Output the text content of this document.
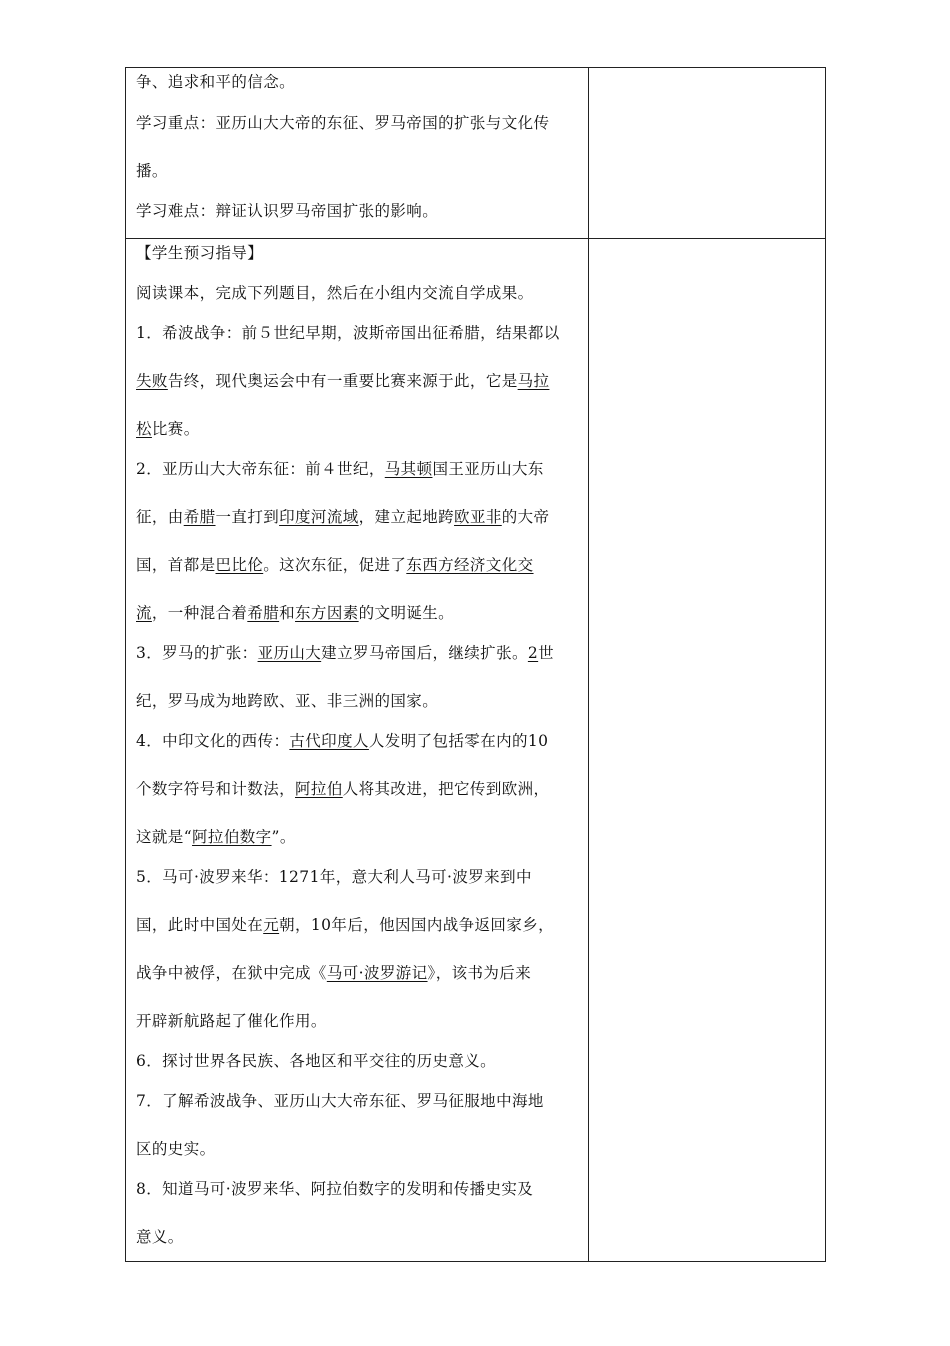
争、追求和平的信念。
学习重点：亚历山大大帝的东征、罗马帝国的扩张与文化传
播。
学习难点：辩证认识罗马帝国扩张的影响。
【学生预习指导】
阅读课本，完成下列题目，然后在小组内交流自学成果。
1．希波战争：前５世纪早期，波斯帝国出征希腊，结果都以
失败告终，现代奥运会中有一重要比赛来源于此，它是马拉
松比赛。
2．亚历山大大帝东征：前４世纪，马其顿国王亚历山大东
征，由希腊一直打到印度河流域，建立起地跨欧亚非的大帝
国，首都是巴比伦。这次东征，促进了东西方经济文化交
流，一种混合着希腊和东方因素的文明诞生。
3．罗马的扩张：亚历山大建立罗马帝国后，继续扩张。2世
纪，罗马成为地跨欧、亚、非三洲的国家。
4．中印文化的西传：古代印度人人发明了包括零在内的10
个数字符号和计数法，阿拉伯人将其改进，把它传到欧洲，
这就是“阿拉伯数字”。
5．马可·波罗来华：1271年，意大利人马可·波罗来到中
国，此时中国处在元朝，10年后，他因国内战争返回家乡，
战争中被俘，在狱中完成《马可·波罗游记》，该书为后来
开辟新航路起了催化作用。
6．探讨世界各民族、各地区和平交往的历史意义。
7．了解希波战争、亚历山大大帝东征、罗马征服地中海地
区的史实。
8．知道马可·波罗来华、阿拉伯数字的发明和传播史实及
意义。
